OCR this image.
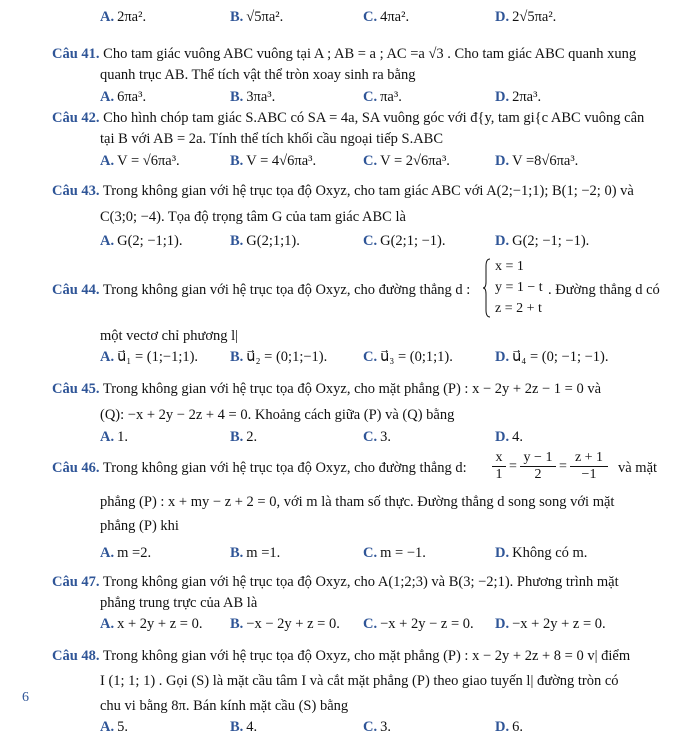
A. 2πa².	B. √5πa².	C. 4πa².	D. 2√5πa².
Câu 41. Cho tam giác vuông ABC vuông tại A ; AB = a ; AC =a √3 . Cho tam giác ABC quanh xung
quanh trục AB. Thể tích vật thể tròn xoay sinh ra bằng
A. 6πa³.	B. 3πa³.	C. πa³.	D. 2πa³.
Câu 42. Cho hình chóp tam giác S.ABC có SA = 4a, SA vuông góc với đ{y, tam gi{c ABC vuông cân
tại B với AB = 2a. Tính thể tích khối cầu ngoại tiếp S.ABC
A. V = √6πa³.	B. V = 4√6πa³.	C. V = 2√6πa³.	D. V =8√6πa³.
Câu 43. Trong không gian với hệ trục tọa độ Oxyz, cho tam giác ABC với A(2;−1;1); B(1; −2; 0) và
C(3;0; −4). Tọa độ trọng tâm G của tam giác ABC là
A. G(2; −1;1).	B. G(2;1;1).	C. G(2;1; −1).	D. G(2; −1; −1).
Câu 44. Trong không gian với hệ trục tọa độ Oxyz, cho đường thẳng d :
x = 1
y = 1 − t
z = 2 + t
. Đường thẳng d có
một vectơ chỉ phương l|
A. u⃗₁ = (1;−1;1). B. u⃗₂ = (0;1;−1). C. u⃗₃ = (0;1;1).	D. u⃗₄ = (0; −1; −1).
Câu 45. Trong không gian với hệ trục tọa độ Oxyz, cho mặt phẳng (P) : x − 2y + 2z − 1 = 0 và
(Q): −x + 2y − 2z + 4 = 0. Khoảng cách giữa (P) và (Q) bằng
A. 1.	B. 2.	C. 3.	D. 4.
Câu 46. Trong không gian với hệ trục tọa độ Oxyz, cho đường thẳng d:	$\frac{x}{1} = \frac{y - 1}{2} = \frac{z + 1}{-1}$ và mặt
phẳng (P) : x + my − z + 2 = 0, với m là tham số thực. Đường thẳng d song song với mặt
phẳng (P) khi
A. m =2.	B. m =1.	C. m = −1.	D. Không có m.
Câu 47. Trong không gian với hệ trục tọa độ Oxyz, cho A(1;2;3) và B(3; −2;1). Phương trình mặt
phẳng trung trực của AB là
A. x + 2y + z = 0. B. −x − 2y + z = 0. C. −x + 2y − z = 0. D. −x + 2y + z = 0.
Câu 48. Trong không gian với hệ trục tọa độ Oxyz, cho mặt phẳng (P) : x − 2y + 2z + 8 = 0 v| điểm
I (1; 1; 1) . Gọi (S) là mặt cầu tâm I và cắt mặt phẳng (P) theo giao tuyến l| đường tròn có
chu vi bằng 8π. Bán kính mặt cầu (S) bằng
A. 5.	B. 4.	C. 3.	D. 6.
6
